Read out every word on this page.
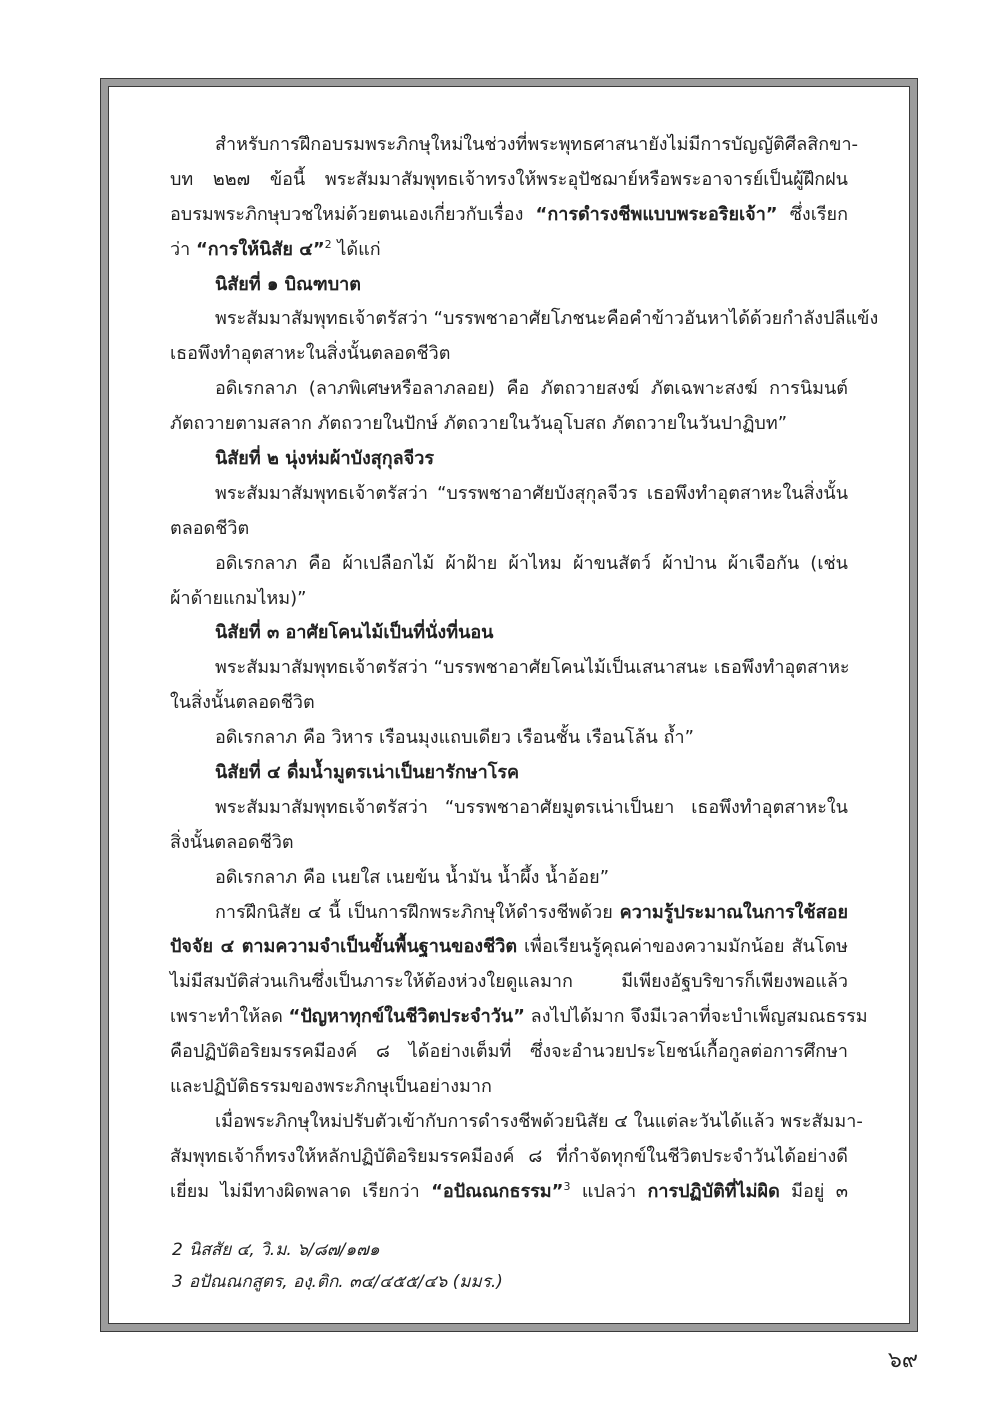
สำหรับการฝึกอบรมพระภิกษุใหม่ในช่วงที่พระพุทธศาสนายังไม่มีการบัญญัติศีลสิกขา-
บท ๒๒๗ ข้อนี้ พระสัมมาสัมพุทธเจ้าทรงให้พระอุปัชฌาย์หรือพระอาจารย์เป็นผู้ฝึกฝน
อบรมพระภิกษุบวชใหม่ด้วยตนเองเกี่ยวกับเรื่อง “การดำรงชีพแบบพระอริยเจ้า” ซึ่งเรียก
ว่า “การให้นิสัย ๔”$^2$ ได้แก่
นิสัยที่ ๑ บิณฑบาต
พระสัมมาสัมพุทธเจ้าตรัสว่า “บรรพชาอาศัยโภชนะคือคำข้าวอันหาได้ด้วยกำลังปลีแข้ง
เธอพึงทำอุตสาหะในสิ่งนั้นตลอดชีวิต
อดิเรกลาภ (ลาภพิเศษหรือลาภลอย) คือ ภัตถวายสงฆ์ ภัตเฉพาะสงฆ์ การนิมนต์
ภัตถวายตามสลาก ภัตถวายในปักษ์ ภัตถวายในวันอุโบสถ ภัตถวายในวันปาฏิบท”
นิสัยที่ ๒ นุ่งห่มผ้าบังสุกุลจีวร
พระสัมมาสัมพุทธเจ้าตรัสว่า “บรรพชาอาศัยบังสุกุลจีวร เธอพึงทำอุตสาหะในสิ่งนั้น
ตลอดชีวิต
อดิเรกลาภ คือ ผ้าเปลือกไม้ ผ้าฝ้าย ผ้าไหม ผ้าขนสัตว์ ผ้าป่าน ผ้าเจือกัน (เช่น
ผ้าด้ายแกมไหม)”
นิสัยที่ ๓ อาศัยโคนไม้เป็นที่นั่งที่นอน
พระสัมมาสัมพุทธเจ้าตรัสว่า “บรรพชาอาศัยโคนไม้เป็นเสนาสนะ เธอพึงทำอุตสาหะ
ในสิ่งนั้นตลอดชีวิต
อดิเรกลาภ คือ วิหาร เรือนมุงแถบเดียว เรือนชั้น เรือนโล้น ถ้ำ”
นิสัยที่ ๔ ดื่มน้ำมูตรเน่าเป็นยารักษาโรค
พระสัมมาสัมพุทธเจ้าตรัสว่า “บรรพชาอาศัยมูตรเน่าเป็นยา เธอพึงทำอุตสาหะใน
สิ่งนั้นตลอดชีวิต
อดิเรกลาภ คือ เนยใส เนยข้น น้ำมัน น้ำผึ้ง น้ำอ้อย”
การฝึกนิสัย ๔ นี้ เป็นการฝึกพระภิกษุให้ดำรงชีพด้วย ความรู้ประมาณในการใช้สอย
ปัจจัย ๔ ตามความจำเป็นขั้นพื้นฐานของชีวิต เพื่อเรียนรู้คุณค่าของความมักน้อย สันโดษ
ไม่มีสมบัติส่วนเกินซึ่งเป็นภาระให้ต้องห่วงใยดูแลมาก มีเพียงอัฐบริขารก็เพียงพอแล้ว
เพราะทำให้ลด “ปัญหาทุกข์ในชีวิตประจำวัน” ลงไปได้มาก จึงมีเวลาที่จะบำเพ็ญสมณธรรม
คือปฏิบัติอริยมรรคมีองค์ ๘ ได้อย่างเต็มที่ ซึ่งจะอำนวยประโยชน์เกื้อกูลต่อการศึกษา
และปฏิบัติธรรมของพระภิกษุเป็นอย่างมาก
เมื่อพระภิกษุใหม่ปรับตัวเข้ากับการดำรงชีพด้วยนิสัย ๔ ในแต่ละวันได้แล้ว พระสัมมา-
สัมพุทธเจ้าก็ทรงให้หลักปฏิบัติอริยมรรคมีองค์ ๘ ที่กำจัดทุกข์ในชีวิตประจำวันได้อย่างดี
เยี่ยม ไม่มีทางผิดพลาด เรียกว่า “อปัณณกธรรม”$^3$ แปลว่า การปฏิบัติที่ไม่ผิด มีอยู่ ๓
2 นิสสัย ๔, วิ.ม. ๖/๘๗/๑๗๑
3 อปัณณกสูตร, องฺ.ติก. ๓๔/๔๕๕/๔๖ (มมร.)
๖๙
